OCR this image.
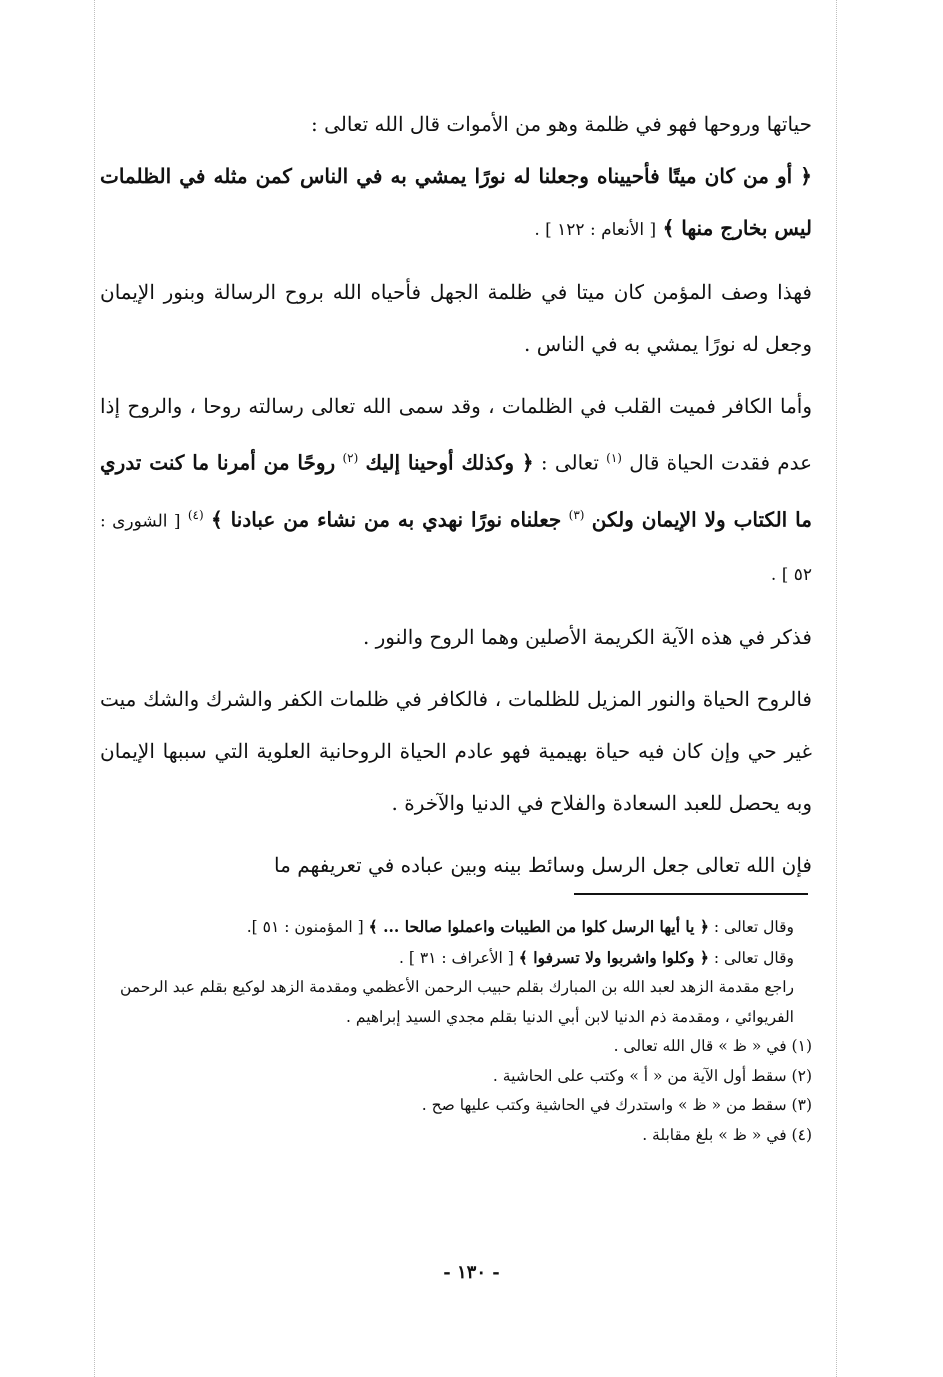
حياتها وروحها فهو في ظلمة وهو من الأموات قال الله تعالى :

﴿ أو من كان ميتًا فأحييناه وجعلنا له نورًا يمشي به في الناس كمن مثله في الظلمات ليس بخارج منها ﴾ [ الأنعام : ١٢٢ ] .

فهذا وصف المؤمن كان ميتا في ظلمة الجهل فأحياه الله بروح الرسالة وبنور الإيمان وجعل له نورًا يمشي به في الناس .

وأما الكافر فميت القلب في الظلمات ، وقد سمى الله تعالى رسالته روحا ، والروح إذا عدم فقدت الحياة قال $^{(١)}$ تعالى : ﴿ وكذلك أوحينا إليك $^{(٢)}$ روحًا من أمرنا ما كنت تدري ما الكتاب ولا الإيمان ولكن $^{(٣)}$ جعلناه نورًا نهدي به من نشاء من عبادنا ﴾ $^{(٤)}$ [ الشورى : ٥٢ ] .

فذكر في هذه الآية الكريمة الأصلين وهما الروح والنور .

فالروح الحياة والنور المزيل للظلمات ، فالكافر في ظلمات الكفر والشرك والشك ميت غير حي وإن كان فيه حياة بهيمية فهو عادم الحياة الروحانية العلوية التي سببها الإيمان وبه يحصل للعبد السعادة والفلاح في الدنيا والآخرة .

فإن الله تعالى جعل الرسل وسائط بينه وبين عباده في تعريفهم ما

وقال تعالى : ﴿ يا أيها الرسل كلوا من الطيبات واعملوا صالحا ... ﴾ [ المؤمنون : ٥١ ].

وقال تعالى : ﴿ وكلوا واشربوا ولا تسرفوا ﴾ [ الأعراف : ٣١ ] .

راجع مقدمة الزهد لعبد الله بن المبارك بقلم حبيب الرحمن الأعظمي ومقدمة الزهد لوكيع بقلم عبد الرحمن الفريوائي ، ومقدمة ذم الدنيا لابن أبي الدنيا بقلم مجدي السيد إبراهيم .

(١) في « ظ » قال الله تعالى .

(٢) سقط أول الآية من « أ » وكتب على الحاشية .

(٣) سقط من « ظ » واستدرك في الحاشية وكتب عليها صح .

(٤) في « ظ » بلغ مقابلة .

- ١٣٠ -
